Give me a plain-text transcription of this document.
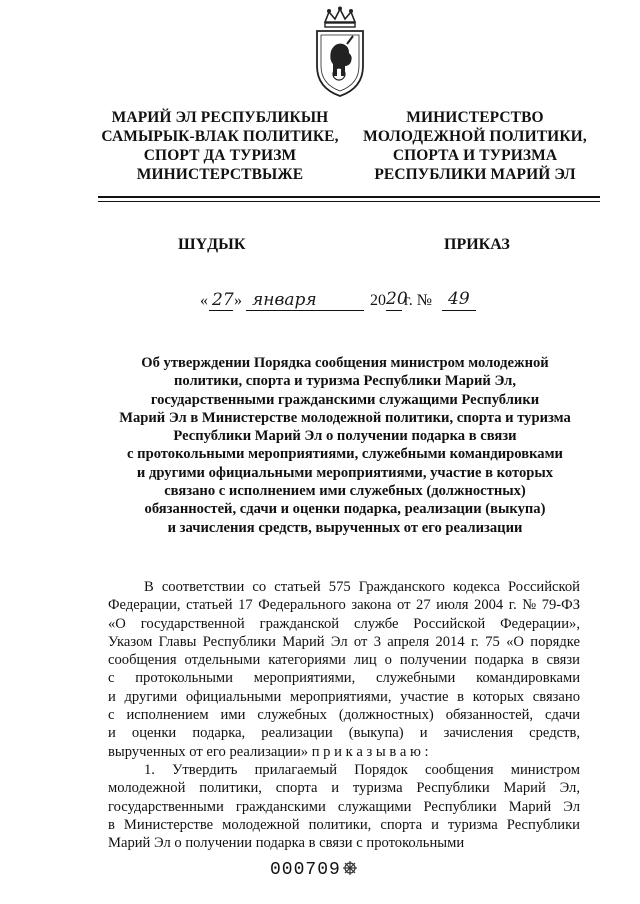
МАРИЙ ЭЛ РЕСПУБЛИКЫН
САМЫРЫК-ВЛАК ПОЛИТИКЕ,
СПОРТ ДА ТУРИЗМ
МИНИСТЕРСТВЫЖЕ
МИНИСТЕРСТВО
МОЛОДЕЖНОЙ ПОЛИТИКИ,
СПОРТА И ТУРИЗМА
РЕСПУБЛИКИ МАРИЙ ЭЛ
ШҮДЫК	ПРИКАЗ
« 27 » января	20 20
г. № 49
Об утверждении Порядка сообщения министром молодежной
политики, спорта и туризма Республики Марий Эл,
государственными гражданскими служащими Республики
Марий Эл в Министерстве молодежной политики, спорта и туризма
Республики Марий Эл о получении подарка в связи
с протокольными мероприятиями, служебными командировками
и другими официальными мероприятиями, участие в которых
связано с исполнением ими служебных (должностных)
обязанностей, сдачи и оценки подарка, реализации (выкупа)
и зачисления средств, вырученных от его реализации
В соответствии со статьей 575 Гражданского кодекса Российской
Федерации, статьей 17 Федерального закона от 27 июля 2004 г. № 79-ФЗ
«О государственной гражданской службе Российской Федерации»,
Указом Главы Республики Марий Эл от 3 апреля 2014 г. 75 «О порядке
сообщения отдельными категориями лиц о получении подарка в связи
с протокольными мероприятиями, служебными командировками
и другими официальными мероприятиями, участие в которых связано
с исполнением ими служебных (должностных) обязанностей, сдачи
и оценки подарка, реализации (выкупа) и зачисления средств,
вырученных от его реализации» п р и к а з ы в а ю :
1. Утвердить прилагаемый Порядок сообщения министром
молодежной политики, спорта и туризма Республики Марий Эл,
государственными гражданскими служащими Республики Марий Эл
в Министерстве молодежной политики, спорта и туризма Республики
Марий Эл о получении подарка в связи с протокольными
000709
